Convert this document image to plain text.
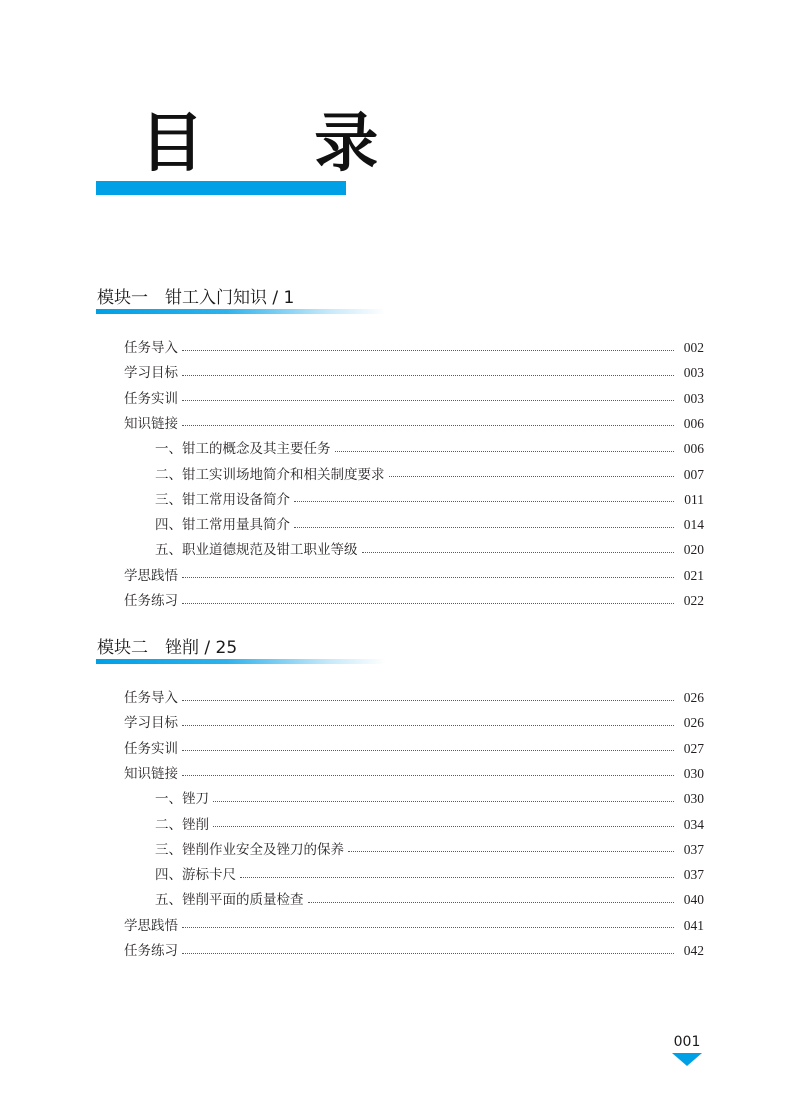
目 录
模块一　钳工入门知识 / 1
模块二　锉削 / 25
任务导入	002
学习目标	003
任务实训	003
知识链接	006
一、钳工的概念及其主要任务	006
二、钳工实训场地简介和相关制度要求	007
三、钳工常用设备简介	011
四、钳工常用量具简介	014
五、职业道德规范及钳工职业等级	020
学思践悟	021
任务练习	022
任务导入	026
学习目标	026
任务实训	027
知识链接	030
一、锉刀	030
二、锉削	034
三、锉削作业安全及锉刀的保养	037
四、游标卡尺	037
五、锉削平面的质量检查	040
学思践悟	041
任务练习	042
001
